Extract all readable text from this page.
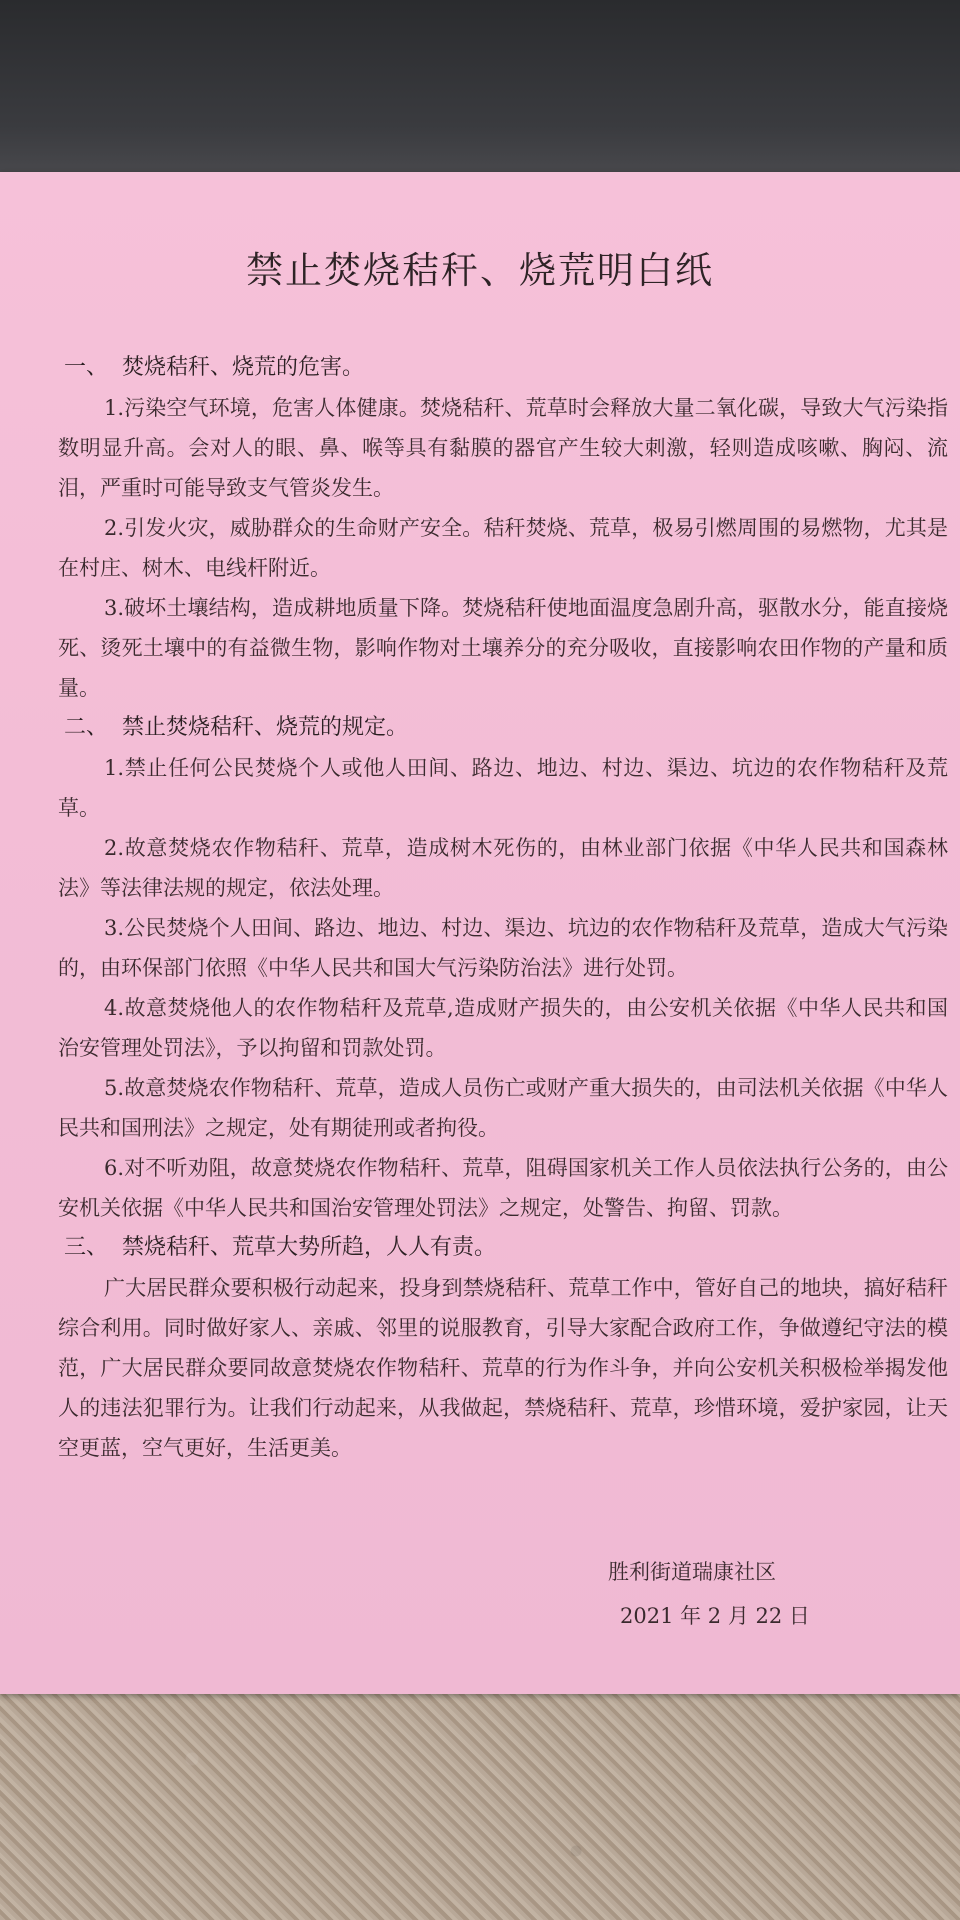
禁止焚烧秸秆、烧荒明白纸

一、  焚烧秸秆、烧荒的危害。

1.污染空气环境，危害人体健康。焚烧秸秆、荒草时会释放大量二氧化碳，导致大气污染指数明显升高。会对人的眼、鼻、喉等具有黏膜的器官产生较大刺激，轻则造成咳嗽、胸闷、流泪，严重时可能导致支气管炎发生。

2.引发火灾，威胁群众的生命财产安全。秸秆焚烧、荒草，极易引燃周围的易燃物，尤其是在村庄、树木、电线杆附近。

3.破坏土壤结构，造成耕地质量下降。焚烧秸秆使地面温度急剧升高，驱散水分，能直接烧死、烫死土壤中的有益微生物，影响作物对土壤养分的充分吸收，直接影响农田作物的产量和质量。

二、  禁止焚烧秸秆、烧荒的规定。

1.禁止任何公民焚烧个人或他人田间、路边、地边、村边、渠边、坑边的农作物秸秆及荒草。

2.故意焚烧农作物秸秆、荒草，造成树木死伤的，由林业部门依据《中华人民共和国森林法》等法律法规的规定，依法处理。

3.公民焚烧个人田间、路边、地边、村边、渠边、坑边的农作物秸秆及荒草，造成大气污染的，由环保部门依照《中华人民共和国大气污染防治法》进行处罚。

4.故意焚烧他人的农作物秸秆及荒草,造成财产损失的，由公安机关依据《中华人民共和国治安管理处罚法》，予以拘留和罚款处罚。

5.故意焚烧农作物秸秆、荒草，造成人员伤亡或财产重大损失的，由司法机关依据《中华人民共和国刑法》之规定，处有期徒刑或者拘役。

6.对不听劝阻，故意焚烧农作物秸秆、荒草，阻碍国家机关工作人员依法执行公务的，由公安机关依据《中华人民共和国治安管理处罚法》之规定，处警告、拘留、罚款。

三、  禁烧秸秆、荒草大势所趋，人人有责。

广大居民群众要积极行动起来，投身到禁烧秸秆、荒草工作中，管好自己的地块，搞好秸秆综合利用。同时做好家人、亲戚、邻里的说服教育，引导大家配合政府工作，争做遵纪守法的模范，广大居民群众要同故意焚烧农作物秸秆、荒草的行为作斗争，并向公安机关积极检举揭发他人的违法犯罪行为。让我们行动起来，从我做起，禁烧秸秆、荒草，珍惜环境，爱护家园，让天空更蓝，空气更好，生活更美。

胜利街道瑞康社区
2021 年 2 月 22 日
